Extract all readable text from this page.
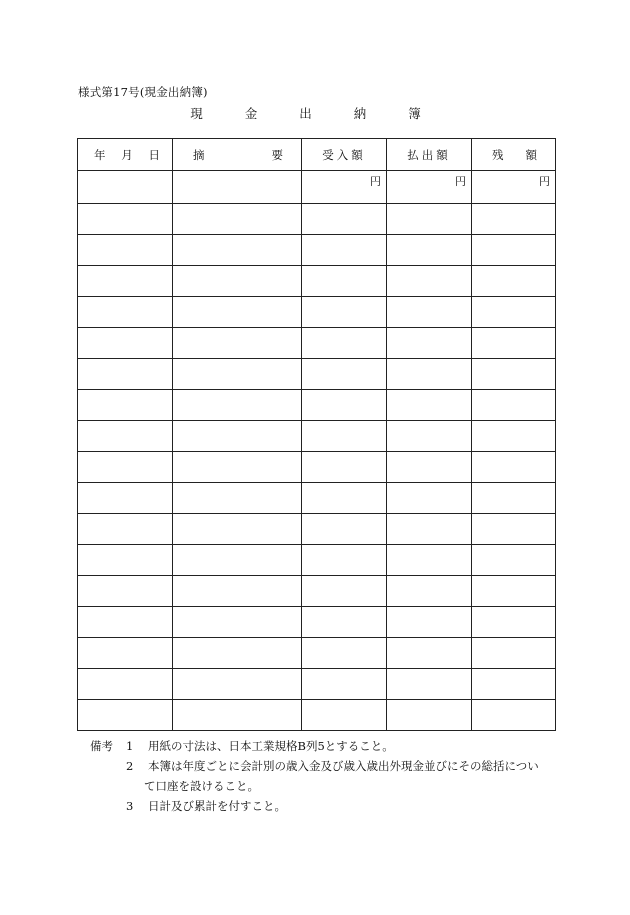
様式第17号(現金出納簿)
現 金 出 納 簿
年 月 日	摘 要	受入額	払出額	残 額

		円	円	円

備考	1	用紙の寸法は、日本工業規格B列5とすること。
2	本簿は年度ごとに会計別の歳入金及び歳入歳出外現金並びにその総括につい
て口座を設けること。
3	日計及び累計を付すこと。
